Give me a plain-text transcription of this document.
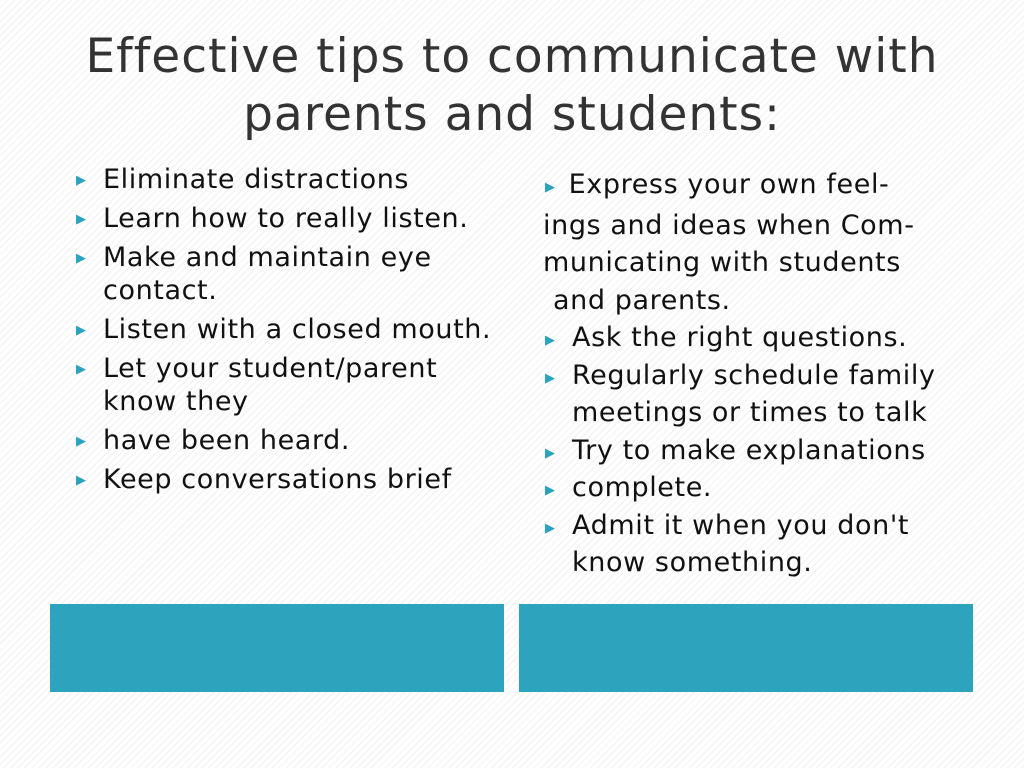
Effective tips to communicate with
parents and students:
▶ Eliminate distractions
▶ Learn how to really listen.
▶ Make and maintain eye contact.
▶ Listen with a closed mouth.
▶ Let your student/parent know they
▶ have been heard.
▶ Keep conversations brief
▶ Express your own feel-
ings and ideas when Com-
municating with students
and parents.
▶ Ask the right questions.
▶ Regularly schedule family meetings or times to talk
▶ Try to make explanations
▶ complete.
▶ Admit it when you don't know something.
